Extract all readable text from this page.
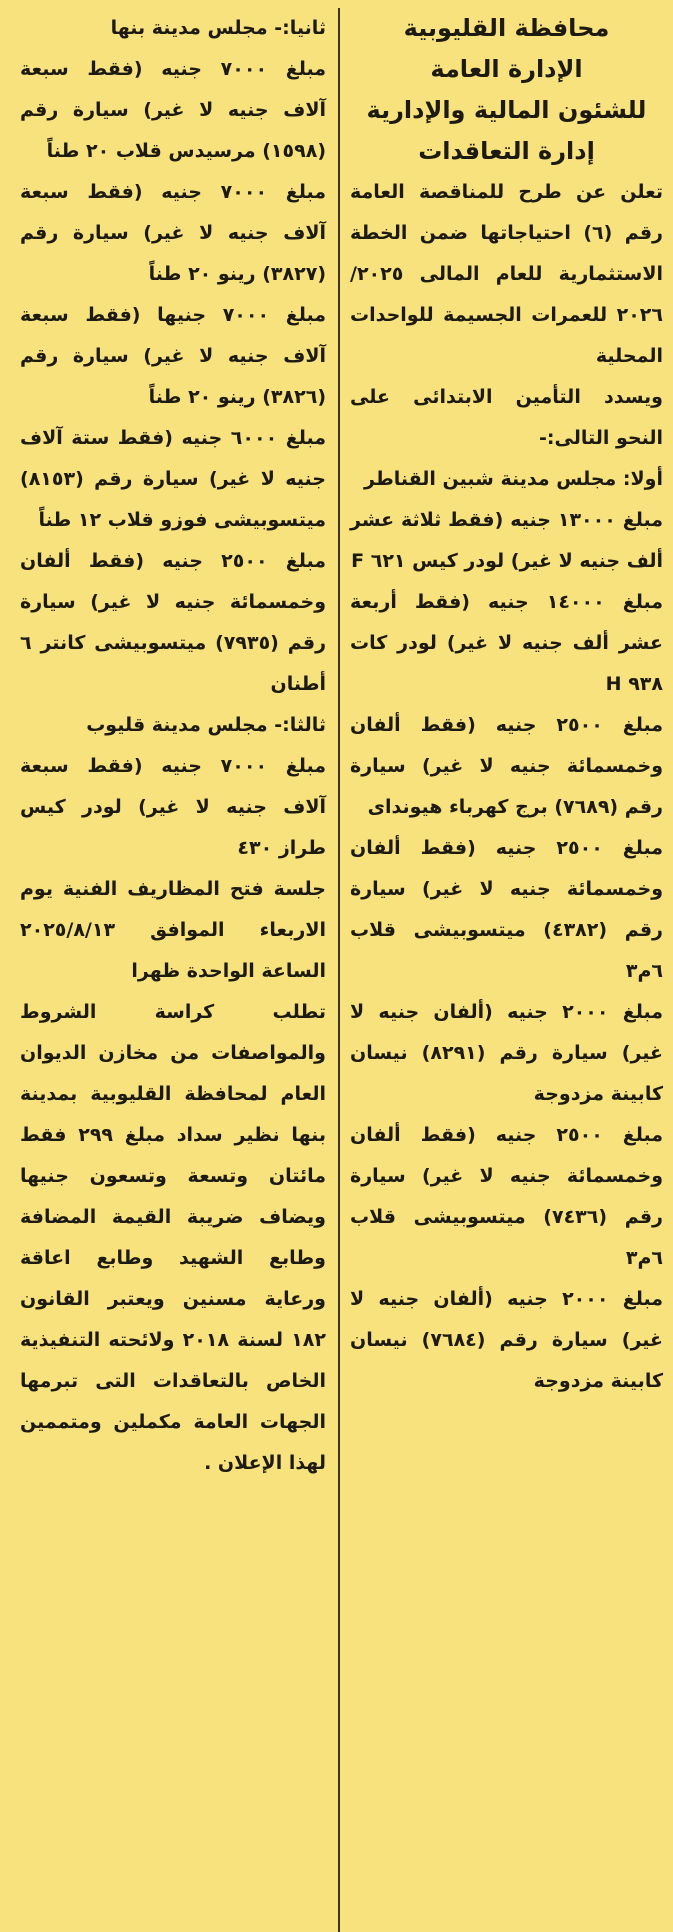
محافظة القليوبية

الإدارة العامة

للشئون المالية والإدارية

إدارة التعاقدات

تعلن عن طرح للمناقصة العامة رقم (٦) احتياجاتها ضمن الخطة الاستثمارية للعام المالى ٢٠٢٥/ ٢٠٢٦ للعمرات الجسيمة للواحدات المحلية

ويسدد التأمين الابتدائى على النحو التالى:-

أولا: مجلس مدينة شبين القناطر

مبلغ ١٣٠٠٠ جنيه (فقط ثلاثة عشر ألف جنيه لا غير) لودر كيس ٦٢١ F

مبلغ ١٤٠٠٠ جنيه (فقط أربعة عشر ألف جنيه لا غير) لودر كات ٩٣٨ H

مبلغ ٢٥٠٠ جنيه (فقط ألفان وخمسمائة جنيه لا غير) سيارة رقم (٧٦٨٩) برج كهرباء هيونداى

مبلغ ٢٥٠٠ جنيه (فقط ألفان وخمسمائة جنيه لا غير) سيارة رقم (٤٣٨٢) ميتسوبيشى قلاب ٦م٣

مبلغ ٢٠٠٠ جنيه (ألفان جنيه لا غير) سيارة رقم (٨٢٩١) نيسان كابينة مزدوجة

مبلغ ٢٥٠٠ جنيه (فقط ألفان وخمسمائة جنيه لا غير) سيارة رقم (٧٤٣٦) ميتسوبيشى قلاب ٦م٣

مبلغ ٢٠٠٠ جنيه (ألفان جنيه لا غير) سيارة رقم (٧٦٨٤) نيسان كابينة مزدوجة

ثانيا:- مجلس مدينة بنها

مبلغ ٧٠٠٠ جنيه (فقط سبعة آلاف جنيه لا غير) سيارة رقم (١٥٩٨) مرسيدس قلاب ٢٠ طناً

مبلغ ٧٠٠٠ جنيه (فقط سبعة آلاف جنيه لا غير) سيارة رقم (٣٨٢٧) رينو ٢٠ طناً

مبلغ ٧٠٠٠ جنيها (فقط سبعة آلاف جنيه لا غير) سيارة رقم (٣٨٢٦) رينو ٢٠ طناً

مبلغ ٦٠٠٠ جنيه (فقط ستة آلاف جنيه لا غير) سيارة رقم (٨١٥٣) ميتسوبيشى فوزو قلاب ١٢ طناً

مبلغ ٢٥٠٠ جنيه (فقط ألفان وخمسمائة جنيه لا غير) سيارة رقم (٧٩٣٥) ميتسوبيشى كانتر ٦ أطنان

ثالثا:- مجلس مدينة قليوب

مبلغ ٧٠٠٠ جنيه (فقط سبعة آلاف جنيه لا غير) لودر كيس طراز ٤٣٠

جلسة فتح المظاريف الفنية يوم الاربعاء الموافق ٢٠٢٥/٨/١٣ الساعة الواحدة ظهرا

تطلب كراسة الشروط والمواصفات من مخازن الديوان العام لمحافظة القليوبية بمدينة بنها نظير سداد مبلغ ٢٩٩ فقط مائتان وتسعة وتسعون جنيها ويضاف ضريبة القيمة المضافة وطابع الشهيد وطابع اعاقة ورعاية مسنين ويعتبر القانون ١٨٢ لسنة ٢٠١٨ ولائحته التنفيذية الخاص بالتعاقدات التى تبرمها الجهات العامة مكملين ومتممين لهذا الإعلان .
